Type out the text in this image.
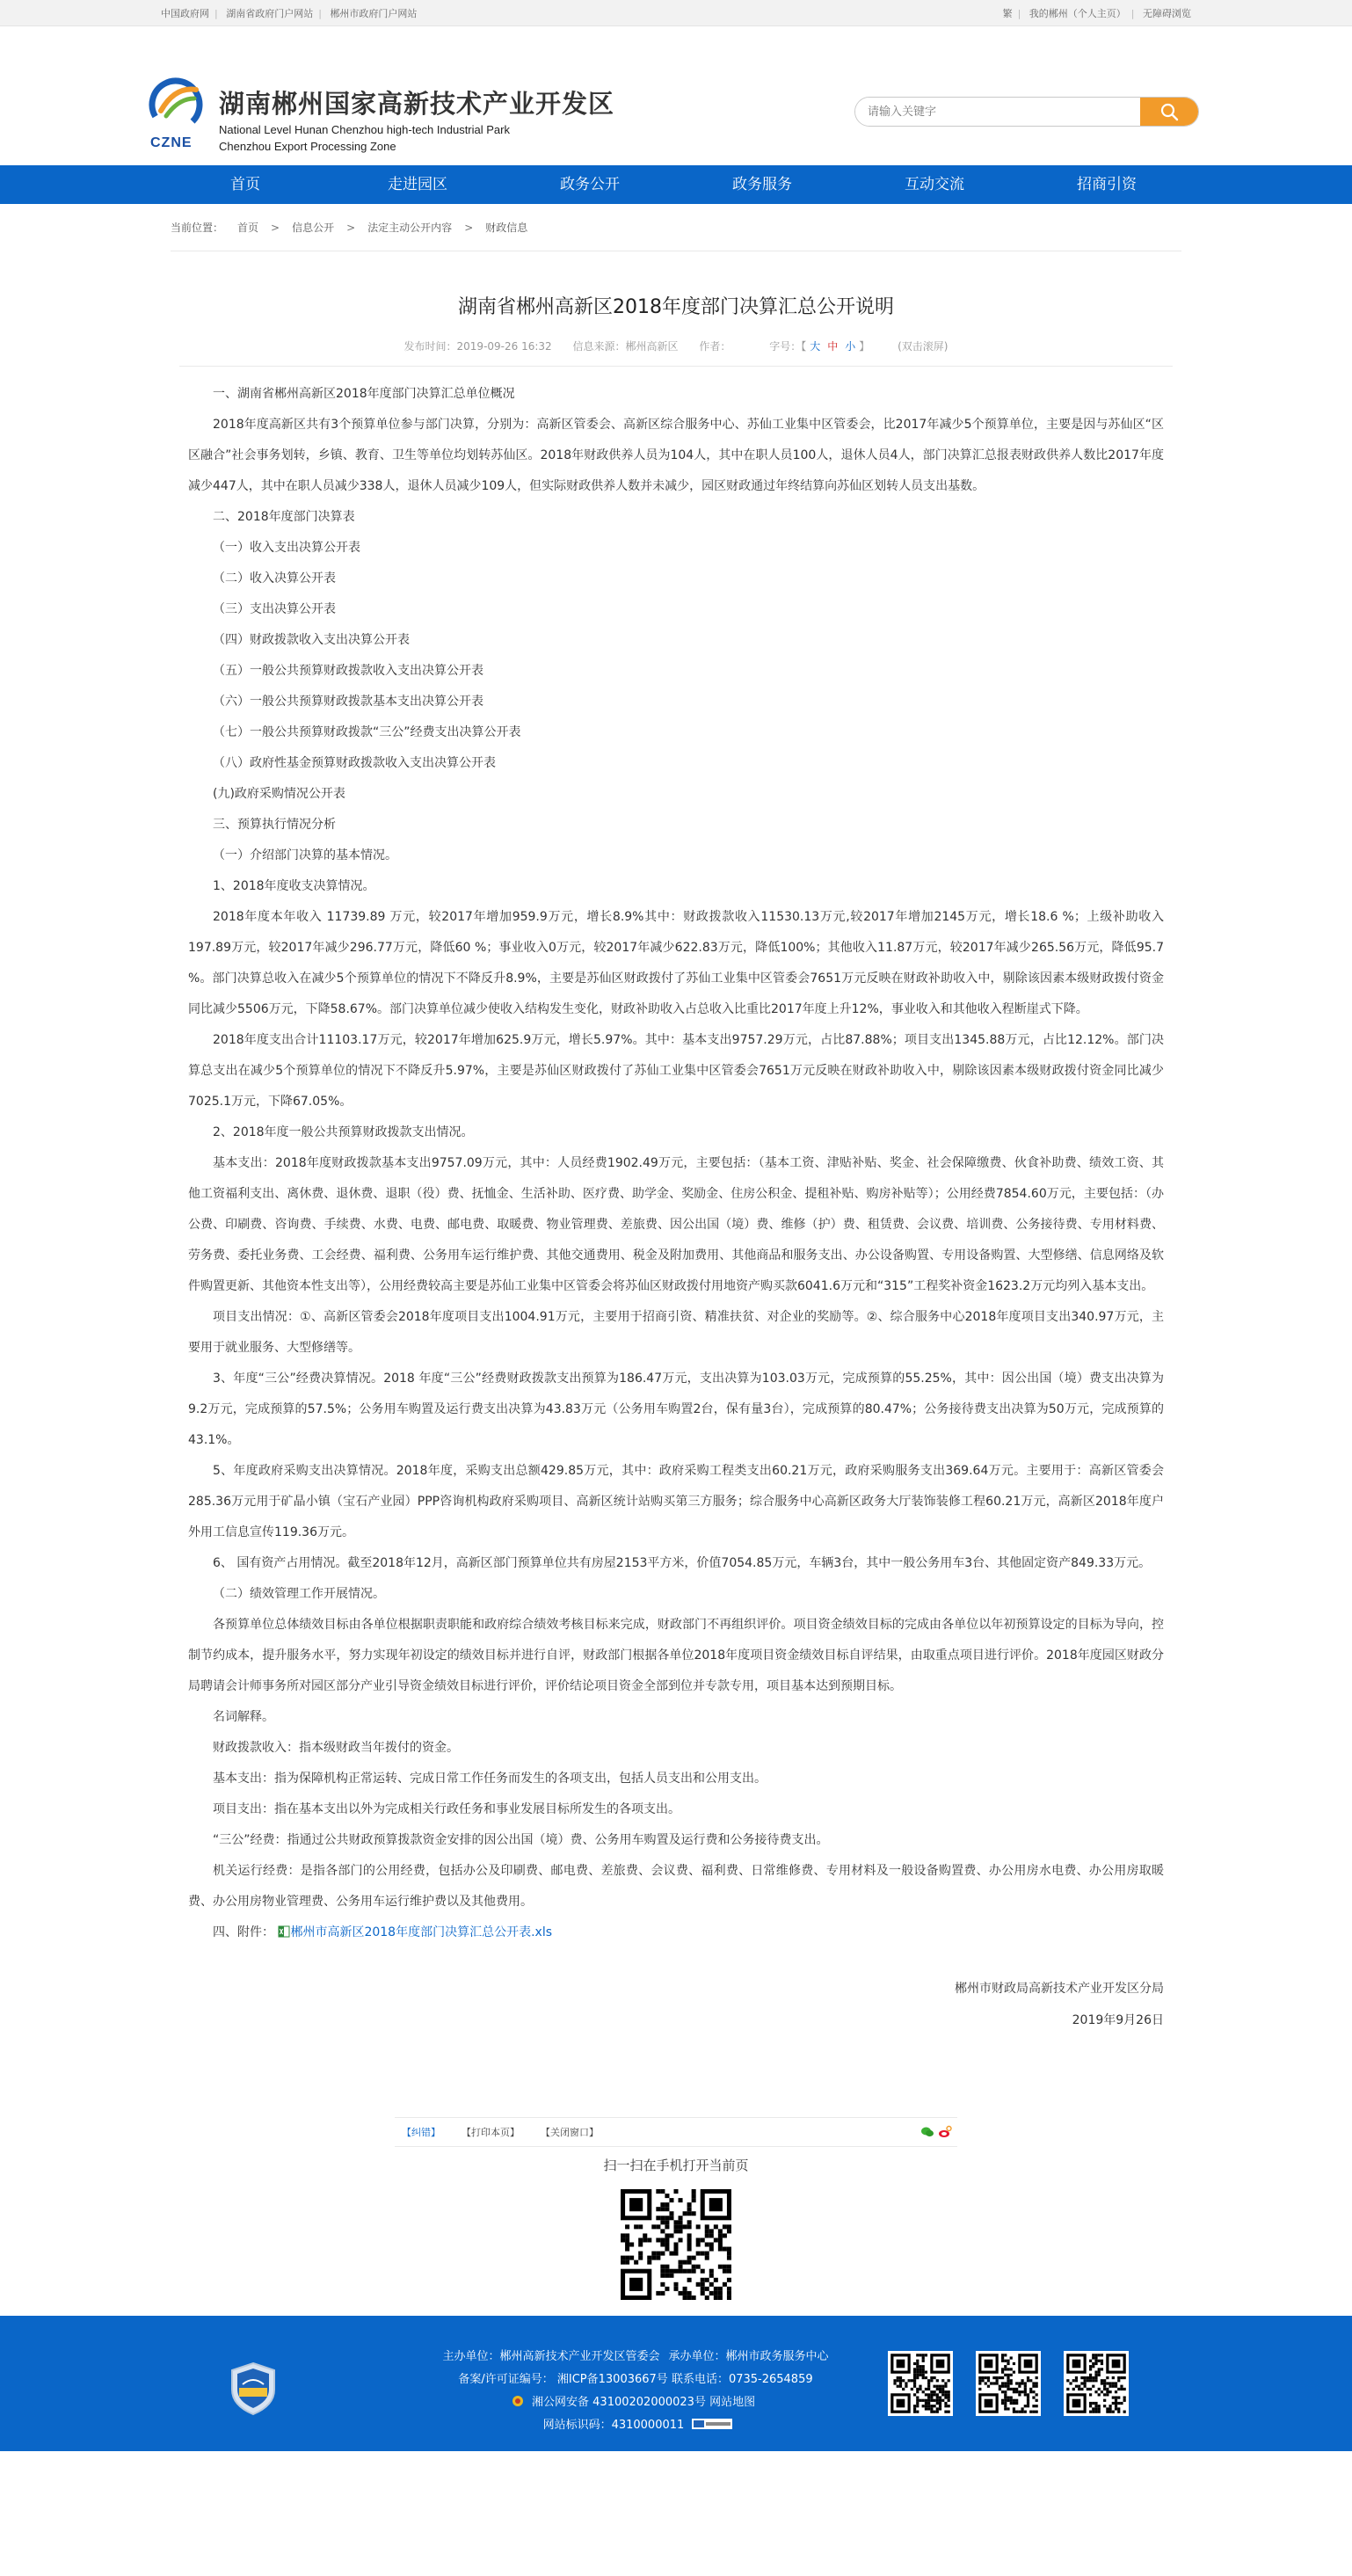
中国政府网 | 湖南省政府门户网站 | 郴州市政府门户网站	繁 | 我的郴州（个人主页） | 无障碍浏览
CZNE
湖南郴州国家高新技术产业开发区
National Level Hunan Chenzhou high-tech Industrial Park
Chenzhou Export Processing Zone
请输入关键字
首页	走进园区	政务公开	政务服务	互动交流	招商引资
当前位置： 首页 > 信息公开 > 法定主动公开内容 > 财政信息
湖南省郴州高新区2018年度部门决算汇总公开说明
发布时间：2019-09-26 16:32 信息来源：郴州高新区 作者：	字号：【 大 中 小 】	(双击滚屏)

一、湖南省郴州高新区2018年度部门决算汇总单位概况

2018年度高新区共有3个预算单位参与部门决算，分别为：高新区管委会、高新区综合服务中心、苏仙工业集中区管委会，比2017年减少5个预算单位，主要是因与苏仙区“区区融合”社会事务划转，乡镇、教育、卫生等单位均划转苏仙区。2018年财政供养人员为104人，其中在职人员100人，退休人员4人，部门决算汇总报表财政供养人数比2017年度减少447人，其中在职人员减少338人，退休人员减少109人，但实际财政供养人数并未减少，园区财政通过年终结算向苏仙区划转人员支出基数。

二、2018年度部门决算表

（一）收入支出决算公开表

（二）收入决算公开表

（三）支出决算公开表

（四）财政拨款收入支出决算公开表

（五）一般公共预算财政拨款收入支出决算公开表

（六）一般公共预算财政拨款基本支出决算公开表

（七）一般公共预算财政拨款“三公”经费支出决算公开表

（八）政府性基金预算财政拨款收入支出决算公开表

(九)政府采购情况公开表

三、预算执行情况分析

（一）介绍部门决算的基本情况。

1、2018年度收支决算情况。

2018年度本年收入 11739.89 万元，较2017年增加959.9万元，增长8.9%其中：财政拨款收入11530.13万元,较2017年增加2145万元，增长18.6 %；上级补助收入197.89万元，较2017年减少296.77万元，降低60 %；事业收入0万元，较2017年减少622.83万元，降低100%；其他收入11.87万元，较2017年减少265.56万元，降低95.7 %。部门决算总收入在减少5个预算单位的情况下不降反升8.9%，主要是苏仙区财政拨付了苏仙工业集中区管委会7651万元反映在财政补助收入中，剔除该因素本级财政拨付资金同比减少5506万元，下降58.67%。部门决算单位减少使收入结构发生变化，财政补助收入占总收入比重比2017年度上升12%，事业收入和其他收入程断崖式下降。

2018年度支出合计11103.17万元，较2017年增加625.9万元，增长5.97%。其中：基本支出9757.29万元，占比87.88%；项目支出1345.88万元，占比12.12%。部门决算总支出在减少5个预算单位的情况下不降反升5.97%，主要是苏仙区财政拨付了苏仙工业集中区管委会7651万元反映在财政补助收入中，剔除该因素本级财政拨付资金同比减少7025.1万元，下降67.05%。

2、2018年度一般公共预算财政拨款支出情况。

基本支出：2018年度财政拨款基本支出9757.09万元，其中：人员经费1902.49万元，主要包括：（基本工资、津贴补贴、奖金、社会保障缴费、伙食补助费、绩效工资、其他工资福利支出、离休费、退休费、退职（役）费、抚恤金、生活补助、医疗费、助学金、奖励金、住房公积金、提租补贴、购房补贴等）；公用经费7854.60万元，主要包括：（办公费、印刷费、咨询费、手续费、水费、电费、邮电费、取暖费、物业管理费、差旅费、因公出国（境）费、维修（护）费、租赁费、会议费、培训费、公务接待费、专用材料费、劳务费、委托业务费、工会经费、福利费、公务用车运行维护费、其他交通费用、税金及附加费用、其他商品和服务支出、办公设备购置、专用设备购置、大型修缮、信息网络及软件购置更新、其他资本性支出等），公用经费较高主要是苏仙工业集中区管委会将苏仙区财政拨付用地资产购买款6041.6万元和“315”工程奖补资金1623.2万元均列入基本支出。

项目支出情况：①、高新区管委会2018年度项目支出1004.91万元，主要用于招商引资、精准扶贫、对企业的奖励等。②、综合服务中心2018年度项目支出340.97万元，主要用于就业服务、大型修缮等。

3、年度“三公”经费决算情况。2018 年度“三公”经费财政拨款支出预算为186.47万元，支出决算为103.03万元，完成预算的55.25%，其中：因公出国（境）费支出决算为9.2万元，完成预算的57.5%；公务用车购置及运行费支出决算为43.83万元（公务用车购置2台，保有量3台），完成预算的80.47%；公务接待费支出决算为50万元，完成预算的43.1%。

5、年度政府采购支出决算情况。2018年度，采购支出总额429.85万元，其中：政府采购工程类支出60.21万元，政府采购服务支出369.64万元。主要用于：高新区管委会285.36万元用于矿晶小镇（宝石产业园）PPP咨询机构政府采购项目、高新区统计站购买第三方服务；综合服务中心高新区政务大厅装饰装修工程60.21万元，高新区2018年度户外用工信息宣传119.36万元。

6、 国有资产占用情况。截至2018年12月，高新区部门预算单位共有房屋2153平方米，价值7054.85万元，车辆3台，其中一般公务用车3台、其他固定资产849.33万元。

（二）绩效管理工作开展情况。

各预算单位总体绩效目标由各单位根据职责职能和政府综合绩效考核目标来完成，财政部门不再组织评价。项目资金绩效目标的完成由各单位以年初预算设定的目标为导向，控制节约成本，提升服务水平，努力实现年初设定的绩效目标并进行自评，财政部门根据各单位2018年度项目资金绩效目标自评结果，由取重点项目进行评价。2018年度园区财政分局聘请会计师事务所对园区部分产业引导资金绩效目标进行评价，评价结论项目资金全部到位并专款专用，项目基本达到预期目标。

名词解释。

财政拨款收入：指本级财政当年拨付的资金。

基本支出：指为保障机构正常运转、完成日常工作任务而发生的各项支出，包括人员支出和公用支出。

项目支出：指在基本支出以外为完成相关行政任务和事业发展目标所发生的各项支出。

“三公”经费：指通过公共财政预算拨款资金安排的因公出国（境）费、公务用车购置及运行费和公务接待费支出。

机关运行经费：是指各部门的公用经费，包括办公及印刷费、邮电费、差旅费、会议费、福利费、日常维修费、专用材料及一般设备购置费、办公用房水电费、办公用房取暖费、办公用房物业管理费、公务用车运行维护费以及其他费用。

四、附件： 郴州市高新区2018年度部门决算汇总公开表.xls

郴州市财政局高新技术产业开发区分局
2019年9月26日
【纠错】 【打印本页】 【关闭窗口】
扫一扫在手机打开当前页
主办单位：郴州高新技术产业开发区管委会 承办单位：郴州市政务服务中心
备案/许可证编号： 湘ICP备13003667号 联系电话：0735-2654859
湘公网安备 43100202000023号 网站地图
网站标识码：4310000011
